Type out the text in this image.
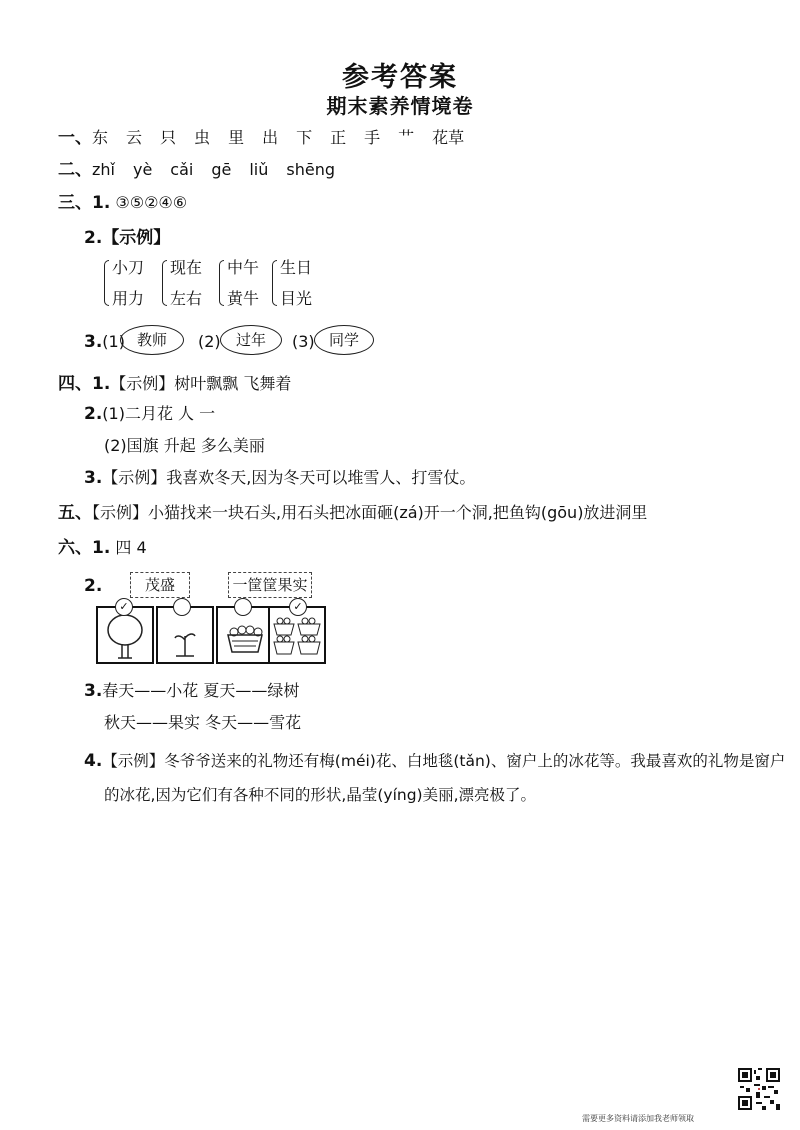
参考答案
期末素养情境卷
一、东 云 只 虫 里 出 下 正 手 艹 花草
二、zhǐ yè cǎi gē liǔ shēng
三、1. ③⑤②④⑥
2.【示例】
小刀
用力
现在
左右
中午
黄牛
生日
目光
3.(1) 教师	(2)	过年	(3) 同学
四、1.【示例】树叶飘飘 飞舞着
2.(1)二月花 人 一
(2)国旗 升起 多么美丽
3.【示例】我喜欢冬天,因为冬天可以堆雪人、打雪仗。
五、【示例】小猫找来一块石头,用石头把冰面砸(zá)开一个洞,把鱼钩(gōu)放进洞里
六、1. 四 4
2.	茂盛	一筐筐果实
✓	✓
3.春天——小花 夏天——绿树
秋天——果实 冬天——雪花
4.【示例】冬爷爷送来的礼物还有梅(méi)花、白地毯(tǎn)、窗户上的冰花等。我最喜欢的礼物是窗户
的冰花,因为它们有各种不同的形状,晶莹(yíng)美丽,漂亮极了。
需要更多资料请添加我老师领取
